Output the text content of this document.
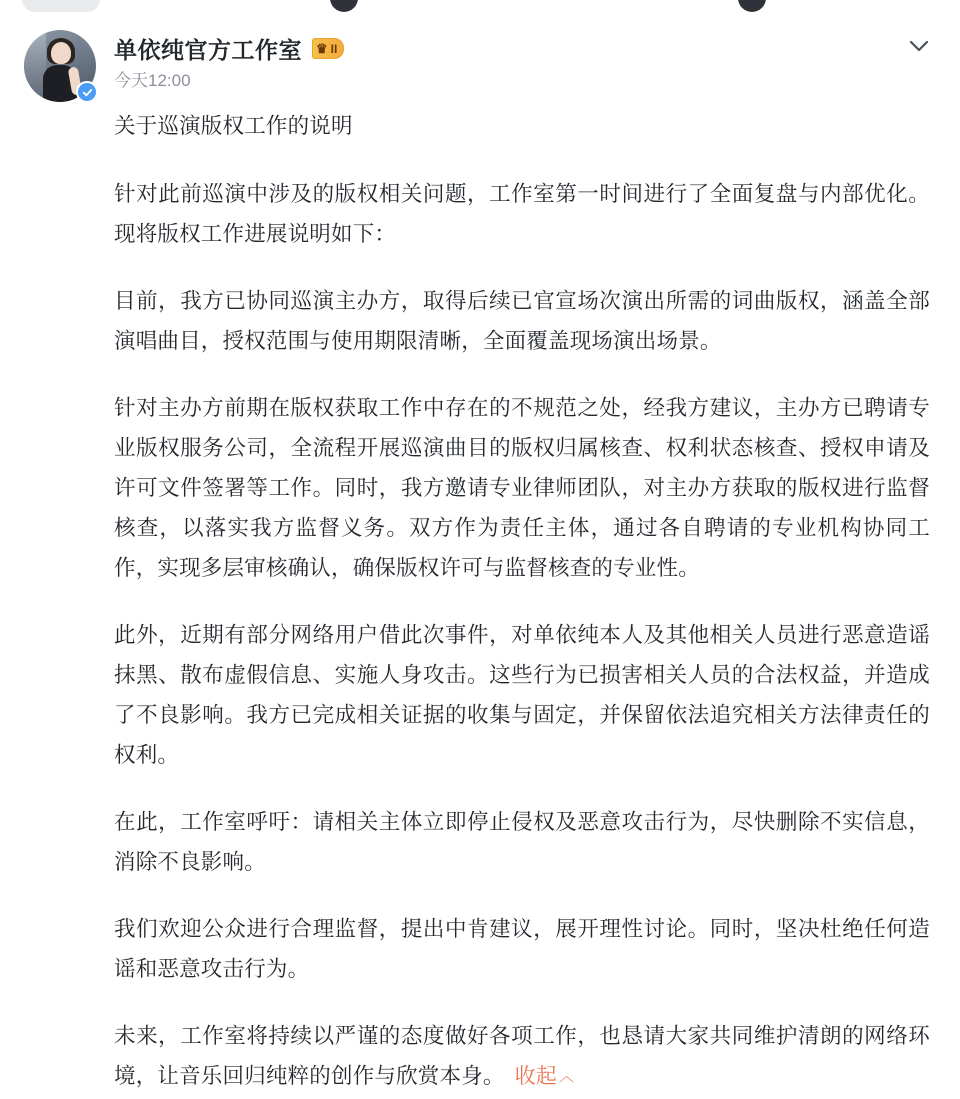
单依纯官方工作室 ♛ II
今天12:00

关于巡演版权工作的说明

针对此前巡演中涉及的版权相关问题，工作室第一时间进行了全面复盘与内部优化。现将版权工作进展说明如下：

目前，我方已协同巡演主办方，取得后续已官宣场次演出所需的词曲版权，涵盖全部演唱曲目，授权范围与使用期限清晰，全面覆盖现场演出场景。

针对主办方前期在版权获取工作中存在的不规范之处，经我方建议，主办方已聘请专业版权服务公司，全流程开展巡演曲目的版权归属核查、权利状态核查、授权申请及许可文件签署等工作。同时，我方邀请专业律师团队，对主办方获取的版权进行监督核查，以落实我方监督义务。双方作为责任主体，通过各自聘请的专业机构协同工作，实现多层审核确认，确保版权许可与监督核查的专业性。

此外，近期有部分网络用户借此次事件，对单依纯本人及其他相关人员进行恶意造谣抹黑、散布虚假信息、实施人身攻击。这些行为已损害相关人员的合法权益，并造成了不良影响。我方已完成相关证据的收集与固定，并保留依法追究相关方法律责任的权利。

在此，工作室呼吁：请相关主体立即停止侵权及恶意攻击行为，尽快删除不实信息，消除不良影响。

我们欢迎公众进行合理监督，提出中肯建议，展开理性讨论。同时，坚决杜绝任何造谣和恶意攻击行为。

未来，工作室将持续以严谨的态度做好各项工作，也恳请大家共同维护清朗的网络环境，让音乐回归纯粹的创作与欣赏本身。 收起 ︿
